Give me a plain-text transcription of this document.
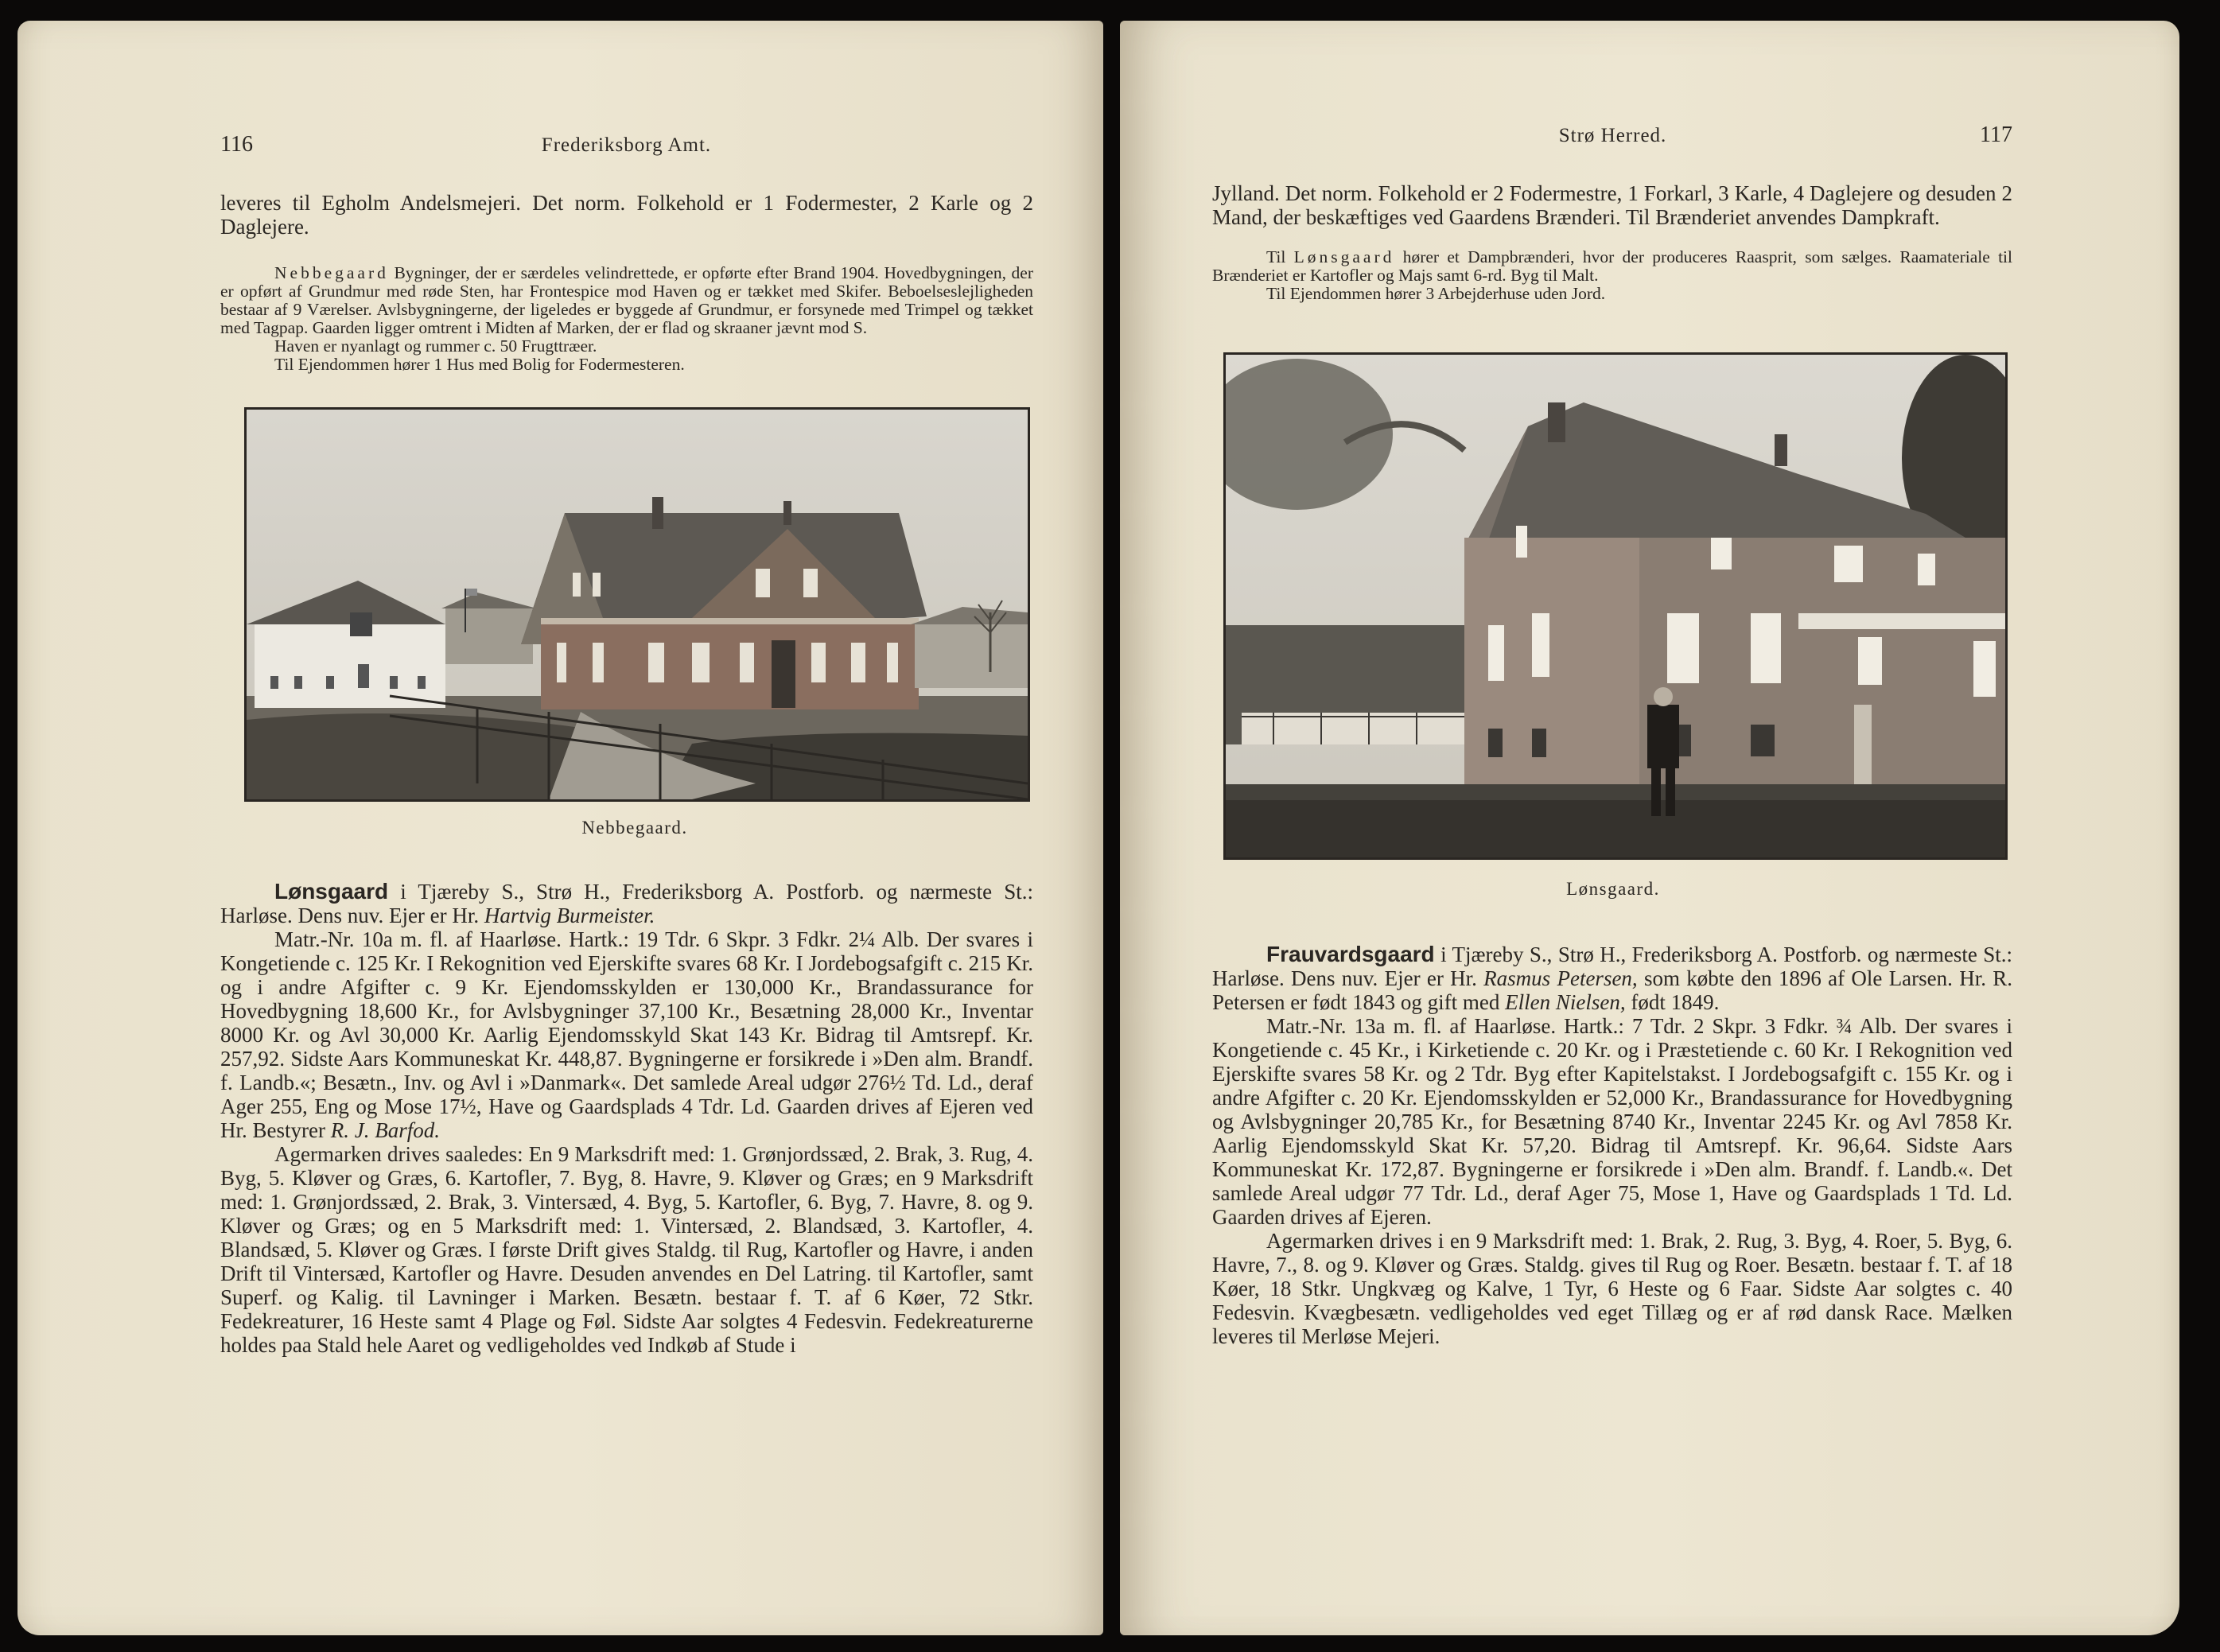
116	Frederiksborg Amt.

leveres til Egholm Andelsmejeri. Det norm. Folkehold er 1 Fodermester, 2 Karle og 2 Daglejere.

Nebbegaard Bygninger, der er særdeles velindrettede, er opførte efter Brand 1904. Hovedbygningen, der er opført af Grundmur med røde Sten, har Frontespice mod Haven og er tækket med Skifer. Beboelseslejligheden bestaar af 9 Værelser. Avlsbygningerne, der ligeledes er byggede af Grundmur, er forsynede med Trimpel og tækket med Tagpap. Gaarden ligger omtrent i Midten af Marken, der er flad og skraaner jævnt mod S.

Haven er nyanlagt og rummer c. 50 Frugttræer.

Til Ejendommen hører 1 Hus med Bolig for Fodermesteren.

Nebbegaard.

Lønsgaard i Tjæreby S., Strø H., Frederiksborg A. Postforb. og nærmeste St.: Harløse. Dens nuv. Ejer er Hr. Hartvig Burmeister.

Matr.-Nr. 10a m. fl. af Haarløse. Hartk.: 19 Tdr. 6 Skpr. 3 Fdkr. 2¼ Alb. Der svares i Kongetiende c. 125 Kr. I Rekognition ved Ejerskifte svares 68 Kr. I Jordebogsafgift c. 215 Kr. og i andre Afgifter c. 9 Kr. Ejendomsskylden er 130,000 Kr., Brandassurance for Hovedbygning 18,600 Kr., for Avlsbygninger 37,100 Kr., Besætning 28,000 Kr., Inventar 8000 Kr. og Avl 30,000 Kr. Aarlig Ejendomsskyld Skat 143 Kr. Bidrag til Amtsrepf. Kr. 257,92. Sidste Aars Kommuneskat Kr. 448,87. Bygningerne er forsikrede i »Den alm. Brandf. f. Landb.«; Besætn., Inv. og Avl i »Danmark«. Det samlede Areal udgør 276½ Td. Ld., deraf Ager 255, Eng og Mose 17½, Have og Gaardsplads 4 Tdr. Ld. Gaarden drives af Ejeren ved Hr. Bestyrer R. J. Barfod.

Agermarken drives saaledes: En 9 Marksdrift med: 1. Grønjordssæd, 2. Brak, 3. Rug, 4. Byg, 5. Kløver og Græs, 6. Kartofler, 7. Byg, 8. Havre, 9. Kløver og Græs; en 9 Marksdrift med: 1. Grønjordssæd, 2. Brak, 3. Vintersæd, 4. Byg, 5. Kartofler, 6. Byg, 7. Havre, 8. og 9. Kløver og Græs; og en 5 Marksdrift med: 1. Vintersæd, 2. Blandsæd, 3. Kartofler, 4. Blandsæd, 5. Kløver og Græs. I første Drift gives Staldg. til Rug, Kartofler og Havre, i anden Drift til Vintersæd, Kartofler og Havre. Desuden anvendes en Del Latring. til Kartofler, samt Superf. og Kalig. til Lavninger i Marken. Besætn. bestaar f. T. af 6 Køer, 72 Stkr. Fedekreaturer, 16 Heste samt 4 Plage og Føl. Sidste Aar solgtes 4 Fedesvin. Fedekreaturerne holdes paa Stald hele Aaret og vedligeholdes ved Indkøb af Stude i

Strø Herred.	117

Jylland. Det norm. Folkehold er 2 Fodermestre, 1 Forkarl, 3 Karle, 4 Daglejere og desuden 2 Mand, der beskæftiges ved Gaardens Brænderi. Til Brænderiet anvendes Dampkraft.

Til Lønsgaard hører et Dampbrænderi, hvor der produceres Raasprit, som sælges. Raamateriale til Brænderiet er Kartofler og Majs samt 6-rd. Byg til Malt.

Til Ejendommen hører 3 Arbejderhuse uden Jord.

Lønsgaard.

Frauvardsgaard i Tjæreby S., Strø H., Frederiksborg A. Postforb. og nærmeste St.: Harløse. Dens nuv. Ejer er Hr. Rasmus Petersen, som købte den 1896 af Ole Larsen. Hr. R. Petersen er født 1843 og gift med Ellen Nielsen, født 1849.

Matr.-Nr. 13a m. fl. af Haarløse. Hartk.: 7 Tdr. 2 Skpr. 3 Fdkr. ¾ Alb. Der svares i Kongetiende c. 45 Kr., i Kirketiende c. 20 Kr. og i Præstetiende c. 60 Kr. I Rekognition ved Ejerskifte svares 58 Kr. og 2 Tdr. Byg efter Kapitelstakst. I Jordebogsafgift c. 155 Kr. og i andre Afgifter c. 20 Kr. Ejendomsskylden er 52,000 Kr., Brandassurance for Hovedbygning og Avlsbygninger 20,785 Kr., for Besætning 8740 Kr., Inventar 2245 Kr. og Avl 7858 Kr. Aarlig Ejendomsskyld Skat Kr. 57,20. Bidrag til Amtsrepf. Kr. 96,64. Sidste Aars Kommuneskat Kr. 172,87. Bygningerne er forsikrede i »Den alm. Brandf. f. Landb.«. Det samlede Areal udgør 77 Tdr. Ld., deraf Ager 75, Mose 1, Have og Gaardsplads 1 Td. Ld. Gaarden drives af Ejeren.

Agermarken drives i en 9 Marksdrift med: 1. Brak, 2. Rug, 3. Byg, 4. Roer, 5. Byg, 6. Havre, 7., 8. og 9. Kløver og Græs. Staldg. gives til Rug og Roer. Besætn. bestaar f. T. af 18 Køer, 18 Stkr. Ungkvæg og Kalve, 1 Tyr, 6 Heste og 6 Faar. Sidste Aar solgtes c. 40 Fedesvin. Kvægbesætn. vedligeholdes ved eget Tillæg og er af rød dansk Race. Mælken leveres til Merløse Mejeri.
